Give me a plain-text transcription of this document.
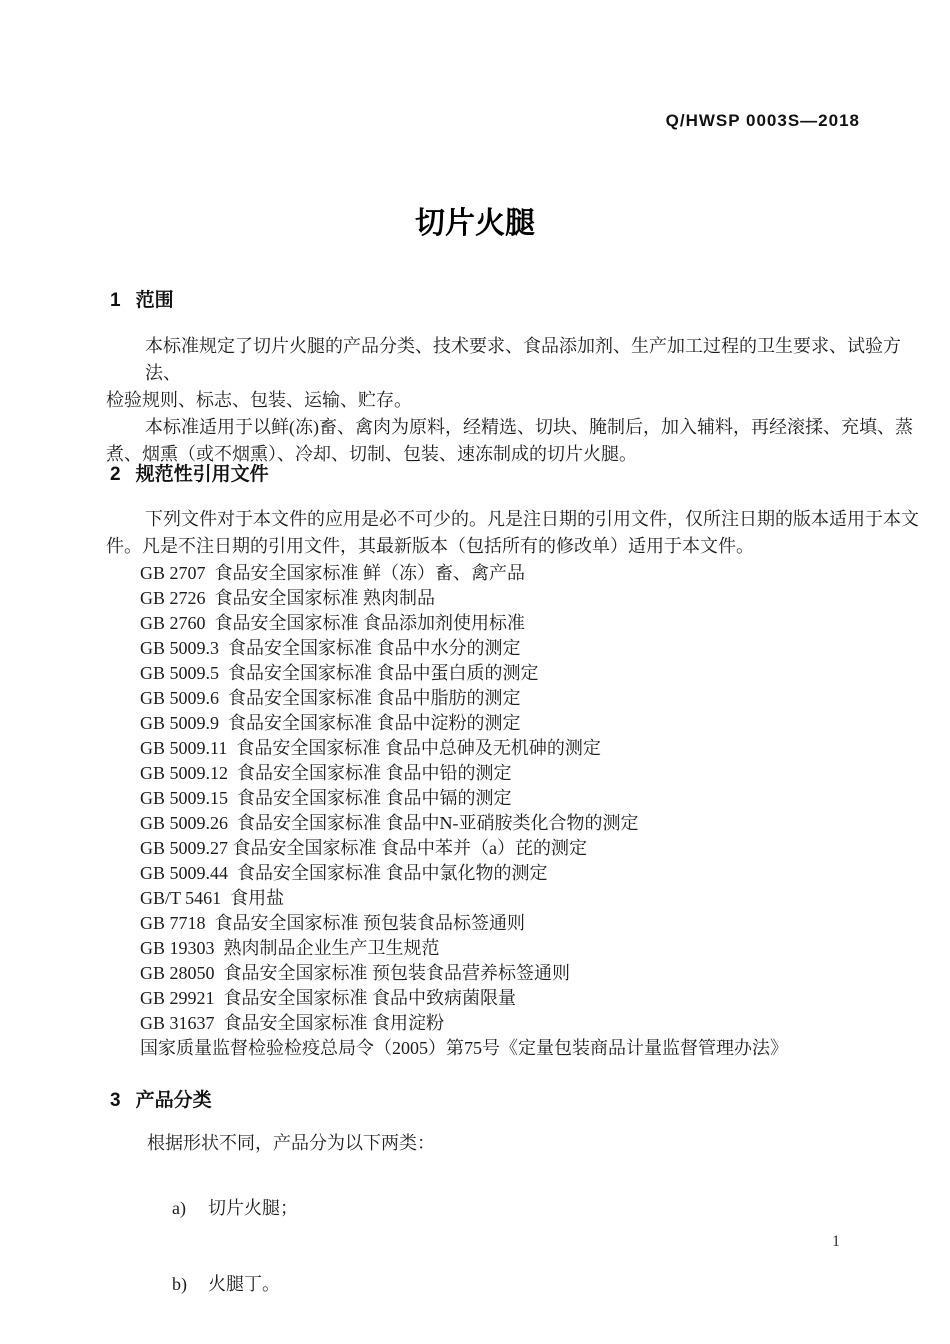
Q/HWSP 0003S—2018
切片火腿
1 范围
本标准规定了切片火腿的产品分类、技术要求、食品添加剂、生产加工过程的卫生要求、试验方法、
检验规则、标志、包装、运输、贮存。
本标准适用于以鲜(冻)畜、禽肉为原料，经精选、切块、腌制后，加入辅料，再经滚揉、充填、蒸
煮、烟熏（或不烟熏）、冷却、切制、包装、速冻制成的切片火腿。
2 规范性引用文件
下列文件对于本文件的应用是必不可少的。凡是注日期的引用文件，仅所注日期的版本适用于本文
件。凡是不注日期的引用文件，其最新版本（包括所有的修改单）适用于本文件。
GB 2707  食品安全国家标准 鲜（冻）畜、禽产品
GB 2726  食品安全国家标准 熟肉制品
GB 2760  食品安全国家标准 食品添加剂使用标准
GB 5009.3  食品安全国家标准 食品中水分的测定
GB 5009.5  食品安全国家标准 食品中蛋白质的测定
GB 5009.6  食品安全国家标准 食品中脂肪的测定
GB 5009.9  食品安全国家标准 食品中淀粉的测定
GB 5009.11  食品安全国家标准 食品中总砷及无机砷的测定
GB 5009.12  食品安全国家标准 食品中铅的测定
GB 5009.15  食品安全国家标准 食品中镉的测定
GB 5009.26  食品安全国家标准 食品中N-亚硝胺类化合物的测定
GB 5009.27 食品安全国家标准 食品中苯并（a）芘的测定
GB 5009.44  食品安全国家标准 食品中氯化物的测定
GB/T 5461  食用盐
GB 7718  食品安全国家标准 预包装食品标签通则
GB 19303  熟肉制品企业生产卫生规范
GB 28050  食品安全国家标准 预包装食品营养标签通则
GB 29921  食品安全国家标准 食品中致病菌限量
GB 31637  食品安全国家标准 食用淀粉
国家质量监督检验检疫总局令（2005）第75号《定量包装商品计量监督管理办法》
3 产品分类
根据形状不同，产品分为以下两类：

a) 切片火腿；

b) 火腿丁。

1
